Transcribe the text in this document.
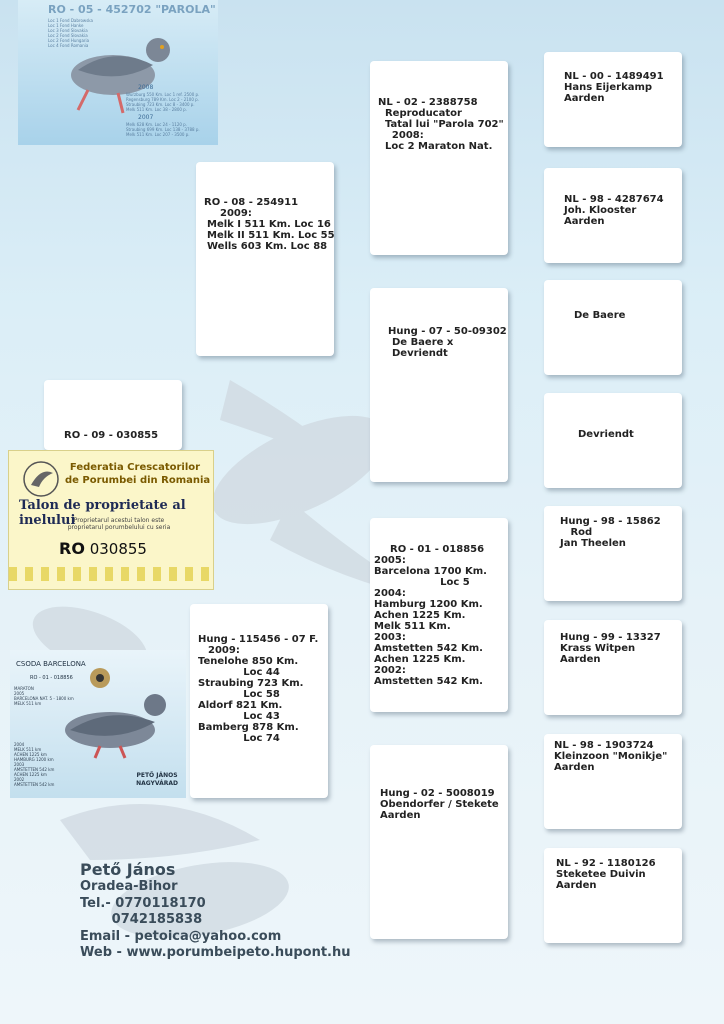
RO - 05 - 452702 "PAROLA"
Loc 1 Fond Dabrowska
Loc 1 Fond Hanke
Loc 3 Fond Slovakia
Loc 2 Fond Slovakia
Loc 2 Fond Hungaria
Loc 4 Fond Romania
2008
Wurzburg 550 Km. Loc 1 ref. 2500 p.
Regensburg 789 Km. Loc 2 - 2100 p.
Straubing 723 Km. Loc 8 - 3400 p.
Melk 511 Km. Loc 38 - 2800 p.
2007
Melk 628 Km. Loc 24 - 1120 p.
Straubing 699 Km. Loc 138 - 3788 p.
Melk 511 Km. Loc 207 - 3500 p.
RO - 09 - 030855
RO - 08 - 254911
2009:
Melk I 511 Km. Loc 16
Melk II 511 Km. Loc 55
Wells 603 Km. Loc 88
Hung - 115456 - 07 F.
2009:
Tenelohe 850 Km.
Loc 44
Straubing 723 Km.
Loc 58
Aldorf 821 Km.
Loc 43
Bamberg 878 Km.
Loc 74
NL - 02 - 2388758
Reproducator
Tatal lui "Parola 702"
2008:
Loc 2 Maraton Nat.
Hung - 07 - 50-09302
De Baere x
Devriendt
RO - 01 - 018856
2005:
Barcelona 1700 Km.
Loc 5
2004:
Hamburg 1200 Km.
Achen 1225 Km.
Melk 511 Km.
2003:
Amstetten 542 Km.
Achen 1225 Km.
2002:
Amstetten 542 Km.
Hung - 02 - 5008019
Obendorfer / Stekete
Aarden
NL - 00 - 1489491
Hans Eijerkamp
Aarden
NL - 98 - 4287674
Joh. Klooster
Aarden
De Baere
Devriendt
Hung - 98 - 15862
Rod
Jan Theelen
Hung - 99 - 13327
Krass Witpen
Aarden
NL - 98 - 1903724
Kleinzoon "Monikje"
Aarden
NL - 92 - 1180126
Steketee Duivin
Aarden
Federatia Crescatorilor
de Porumbei din Romania
Talon de proprietate al inelului
Proprietarul acestui talon este
proprietarul porumbelului cu seria
RO 030855
CSODA BARCELONA
RO - 01 - 018856
MARATON
2005
BARCELONA NAT. 5 - 1800 km
MELK 511 km
2004
MELK 511 km
ACHEN 1225 km
HAMBURG 1200 km
2003
AMSTETTEN 542 km
ACHEN 1225 km
2002
AMSTETTEN 542 km
PETŐ JÁNOS
NAGYVÁRAD
Pető János
Oradea-Bihor
Tel.- 0770118170
0742185838
Email - petoica@yahoo.com
Web - www.porumbeipeto.hupont.hu
